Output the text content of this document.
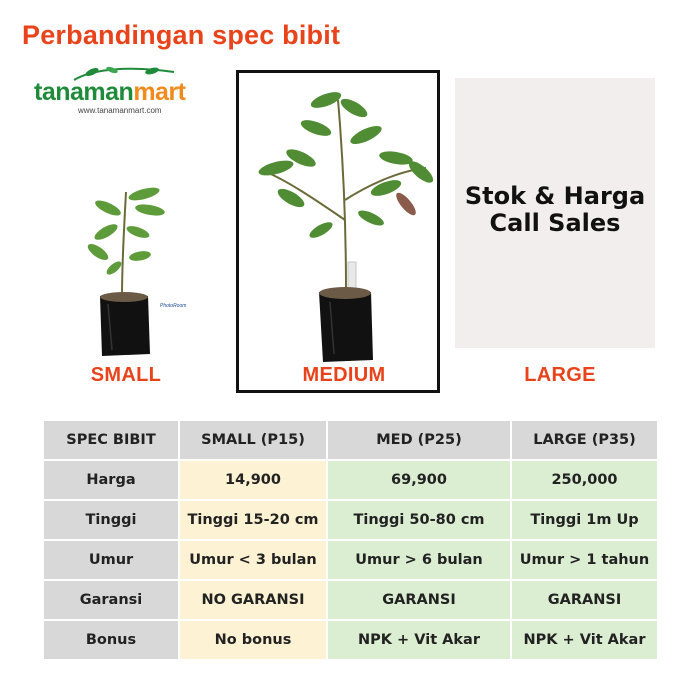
Perbandingan spec bibit
tanamanmart
www.tanamanmart.com
PhotoRoom
Stok & Harga
Call Sales
SMALL	MEDIUM	LARGE
SPEC BIBIT	SMALL (P15)	MED (P25)	LARGE (P35)
Harga	14,900	69,900	250,000
Tinggi	Tinggi 15-20 cm	Tinggi 50-80 cm	Tinggi 1m Up
Umur	Umur < 3 bulan	Umur > 6 bulan	Umur > 1 tahun
Garansi	NO GARANSI	GARANSI	GARANSI
Bonus	No bonus	NPK + Vit Akar	NPK + Vit Akar
